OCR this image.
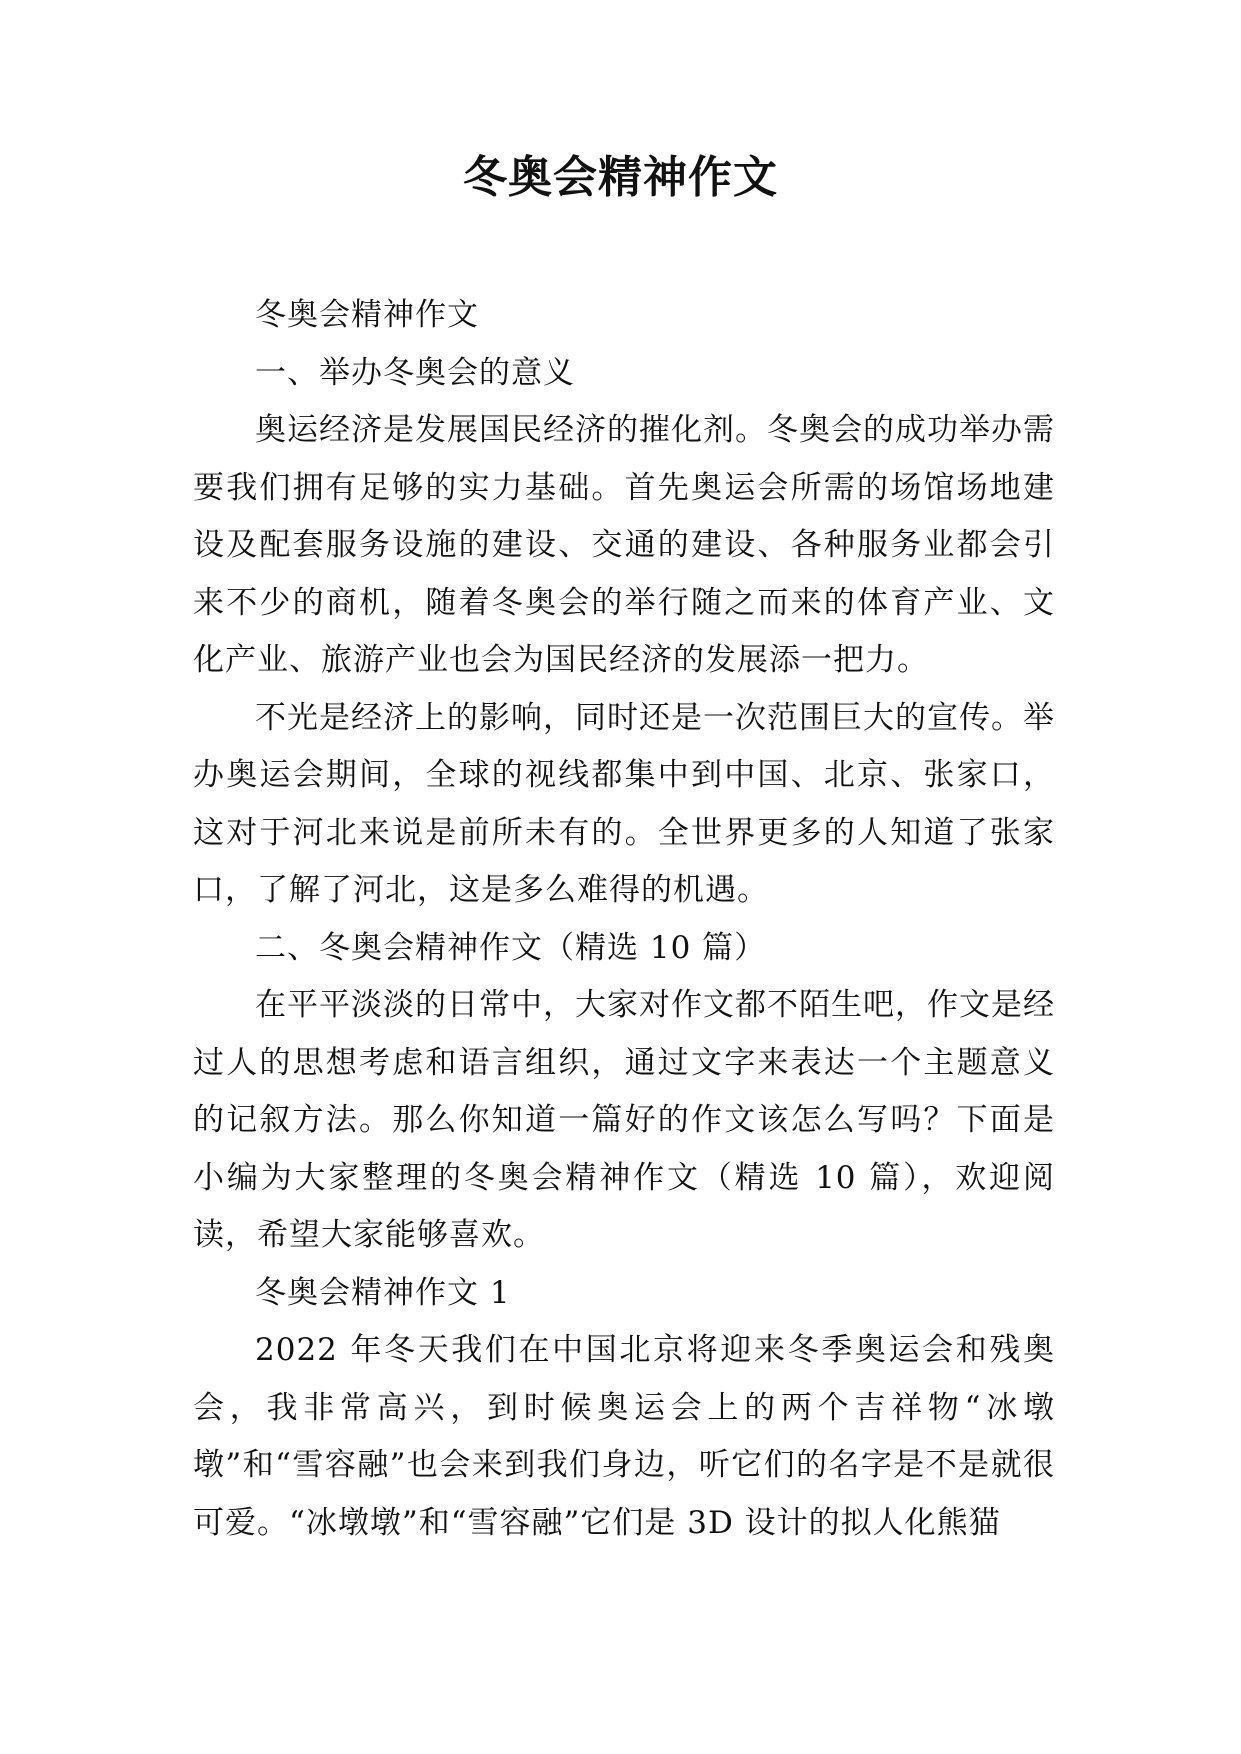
冬奥会精神作文

冬奥会精神作文

一、举办冬奥会的意义

奥运经济是发展国民经济的摧化剂。冬奥会的成功举办需要我们拥有足够的实力基础。首先奥运会所需的场馆场地建设及配套服务设施的建设、交通的建设、各种服务业都会引来不少的商机，随着冬奥会的举行随之而来的体育产业、文化产业、旅游产业也会为国民经济的发展添一把力。

不光是经济上的影响，同时还是一次范围巨大的宣传。举办奥运会期间，全球的视线都集中到中国、北京、张家口，这对于河北来说是前所未有的。全世界更多的人知道了张家口，了解了河北，这是多么难得的机遇。

二、冬奥会精神作文（精选 10 篇）

在平平淡淡的日常中，大家对作文都不陌生吧，作文是经过人的思想考虑和语言组织，通过文字来表达一个主题意义的记叙方法。那么你知道一篇好的作文该怎么写吗？下面是小编为大家整理的冬奥会精神作文（精选 10 篇），欢迎阅读，希望大家能够喜欢。

冬奥会精神作文 1

2022 年冬天我们在中国北京将迎来冬季奥运会和残奥会，我非常高兴，到时候奥运会上的两个吉祥物“冰墩墩”和“雪容融”也会来到我们身边，听它们的名字是不是就很可爱。“冰墩墩”和“雪容融”它们是 3D 设计的拟人化熊猫
